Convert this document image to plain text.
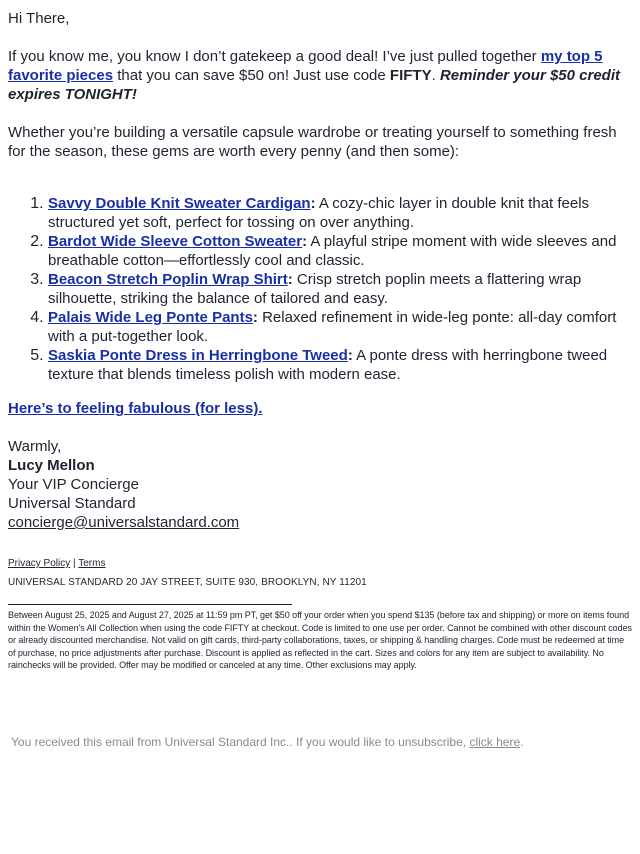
Hi There,

If you know me, you know I don’t gatekeep a good deal! I’ve just pulled together my top 5 favorite pieces that you can save $50 on! Just use code FIFTY. Reminder your $50 credit expires TONIGHT!

Whether you’re building a versatile capsule wardrobe or treating yourself to something fresh for the season, these gems are worth every penny (and then some):

1. Savvy Double Knit Sweater Cardigan: A cozy-chic layer in double knit that feels structured yet soft, perfect for tossing on over anything.
2. Bardot Wide Sleeve Cotton Sweater: A playful stripe moment with wide sleeves and breathable cotton—effortlessly cool and classic.
3. Beacon Stretch Poplin Wrap Shirt: Crisp stretch poplin meets a flattering wrap silhouette, striking the balance of tailored and easy.
4. Palais Wide Leg Ponte Pants: Relaxed refinement in wide-leg ponte: all-day comfort with a put-together look.
5. Saskia Ponte Dress in Herringbone Tweed: A ponte dress with herringbone tweed texture that blends timeless polish with modern ease.
Here’s to feeling fabulous (for less).

Warmly,

Lucy Mellon

Your VIP Concierge

Universal Standard

concierge@universalstandard.com

Privacy Policy | Terms
UNIVERSAL STANDARD 20 JAY STREET, SUITE 930, BROOKLYN, NY 11201
Between August 25, 2025 and August 27, 2025 at 11:59 pm PT, get $50 off your order when you spend $135 (before tax and shipping) or more on items found within the Women's All Collection when using the code FIFTY at checkout. Code is limited to one use per order. Cannot be combined with other discount codes or already discounted merchandise. Not valid on gift cards, third-party collaborations, taxes, or shipping & handling charges. Code must be redeemed at time of purchase, no price adjustments after purchase. Discount is applied as reflected in the cart. Sizes and colors for any item are subject to availability. No rainchecks will be provided. Offer may be modified or canceled at any time. Other exclusions may apply.
You received this email from Universal Standard Inc.. If you would like to unsubscribe, click here.
